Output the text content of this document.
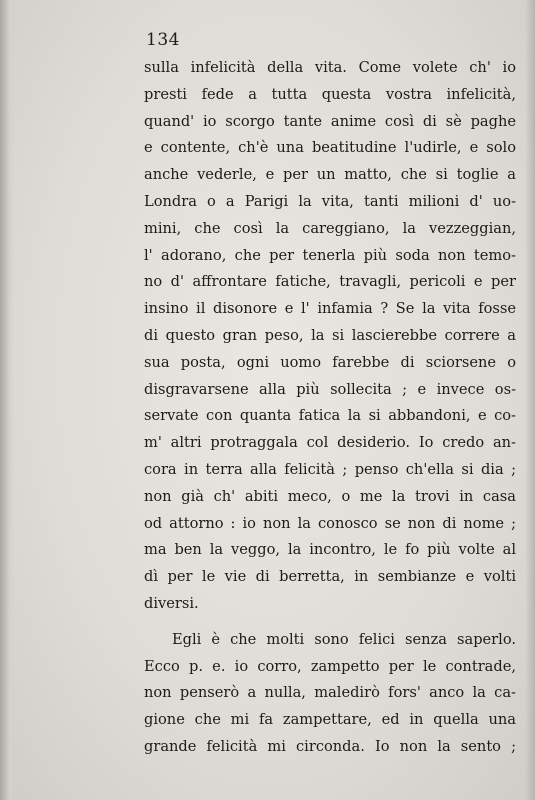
134
sulla infelicità della vita. Come volete ch' io
presti fede a tutta questa vostra infelicità,
quand' io scorgo tante anime così di sè paghe
e contente, ch'è una beatitudine l'udirle, e solo
anche vederle, e per un matto, che si toglie a
Londra o a Parigi la vita, tanti milioni d' uo-
mini, che così la careggiano, la vezzeggian,
l' adorano, che per tenerla più soda non temo-
no d' affrontare fatiche, travagli, pericoli e per
insino il disonore e l' infamia ? Se la vita fosse
di questo gran peso, la si lascierebbe correre a
sua posta, ogni uomo farebbe di sciorsene o
disgravarsene alla più sollecita ; e invece os-
servate con quanta fatica la si abbandoni, e co-
m' altri protraggala col desiderio. Io credo an-
cora in terra alla felicità ; penso ch'ella si dia ;
non già ch' abiti meco, o me la trovi in casa
od attorno : io non la conosco se non di nome ;
ma ben la veggo, la incontro, le fo più volte al
dì per le vie di berretta, in sembianze e volti
diversi.
Egli è che molti sono felici senza saperlo.
Ecco p. e. io corro, zampetto per le contrade,
non penserò a nulla, maledirò fors' anco la ca-
gione che mi fa zampettare, ed in quella una
grande felicità mi circonda. Io non la sento ;
